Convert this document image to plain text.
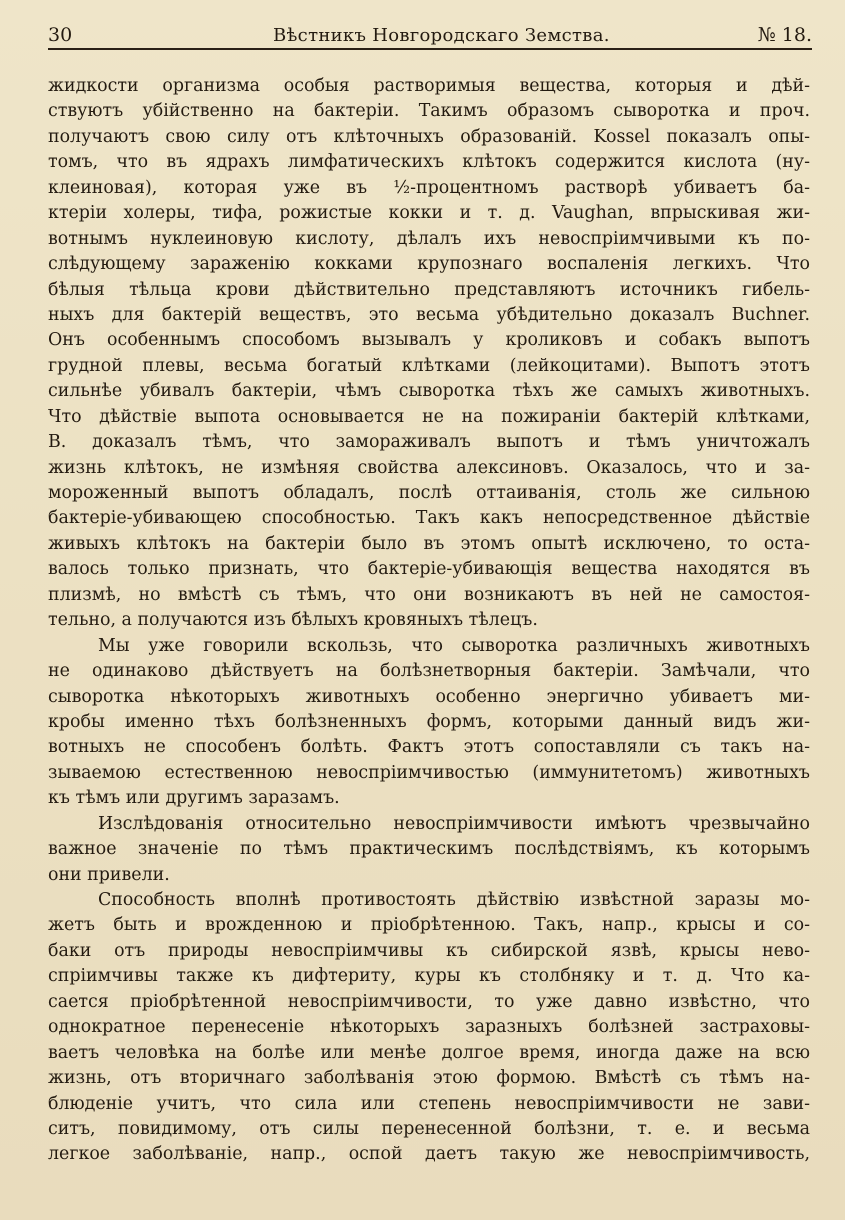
30	Вѣстникъ Новгородскаго Земства.	№ 18.
жидкости организма особыя растворимыя вещества, которыя и дѣй-
ствуютъ убійственно на бактеріи. Такимъ образомъ сыворотка и проч.
получаютъ свою силу отъ клѣточныхъ образованій. Kossel показалъ опы-
томъ, что въ ядрахъ лимфатическихъ клѣтокъ содержится кислота (ну-
клеиновая), которая уже въ ½-процентномъ растворѣ убиваетъ ба-
ктеріи холеры, тифа, рожистые кокки и т. д. Vaughan, впрыскивая жи-
вотнымъ нуклеиновую кислоту, дѣлалъ ихъ невоспріимчивыми къ по-
слѣдующему зараженію кокками крупознаго воспаленія легкихъ. Что
бѣлыя тѣльца крови дѣйствительно представляютъ источникъ гибель-
ныхъ для бактерій веществъ, это весьма убѣдительно доказалъ Buchner.
Онъ особеннымъ способомъ вызывалъ у кроликовъ и собакъ выпотъ
грудной плевы, весьма богатый клѣтками (лейкоцитами). Выпотъ этотъ
сильнѣе убивалъ бактеріи, чѣмъ сыворотка тѣхъ же самыхъ животныхъ.
Что дѣйствіе выпота основывается не на пожираніи бактерій клѣтками,
B. доказалъ тѣмъ, что замораживалъ выпотъ и тѣмъ уничтожалъ
жизнь клѣтокъ, не измѣняя свойства алексиновъ. Оказалось, что и за-
мороженный выпотъ обладалъ, послѣ оттаиванія, столь же сильною
бактеріе-убивающею способностью. Такъ какъ непосредственное дѣйствіе
живыхъ клѣтокъ на бактеріи было въ этомъ опытѣ исключено, то оста-
валось только признать, что бактеріе-убивающія вещества находятся въ
плизмѣ, но вмѣстѣ съ тѣмъ, что они возникаютъ въ ней не самостоя-
тельно, а получаются изъ бѣлыхъ кровяныхъ тѣлецъ.
Мы уже говорили вскользь, что сыворотка различныхъ животныхъ
не одинаково дѣйствуетъ на болѣзнетворныя бактеріи. Замѣчали, что
сыворотка нѣкоторыхъ животныхъ особенно энергично убиваетъ ми-
кробы именно тѣхъ болѣзненныхъ формъ, которыми данный видъ жи-
вотныхъ не способенъ болѣть. Фактъ этотъ сопоставляли съ такъ на-
зываемою естественною невоспріимчивостью (иммунитетомъ) животныхъ
къ тѣмъ или другимъ заразамъ.
Изслѣдованія относительно невоспріимчивости имѣютъ чрезвычайно
важное значеніе по тѣмъ практическимъ послѣдствіямъ, къ которымъ
они привели.
Способность вполнѣ противостоять дѣйствію извѣстной заразы мо-
жетъ быть и врожденною и пріобрѣтенною. Такъ, напр., крысы и со-
баки отъ природы невоспріимчивы къ сибирской язвѣ, крысы нево-
спріимчивы также къ дифтериту, куры къ столбняку и т. д. Что ка-
сается пріобрѣтенной невоспріимчивости, то уже давно извѣстно, что
однократное перенесеніе нѣкоторыхъ заразныхъ болѣзней застраховы-
ваетъ человѣка на болѣе или менѣе долгое время, иногда даже на всю
жизнь, отъ вторичнаго заболѣванія этою формою. Вмѣстѣ съ тѣмъ на-
блюденіе учитъ, что сила или степень невоспріимчивости не зави-
ситъ, повидимому, отъ силы перенесенной болѣзни, т. е. и весьма
легкое заболѣваніе, напр., оспой даетъ такую же невоспріимчивость,
